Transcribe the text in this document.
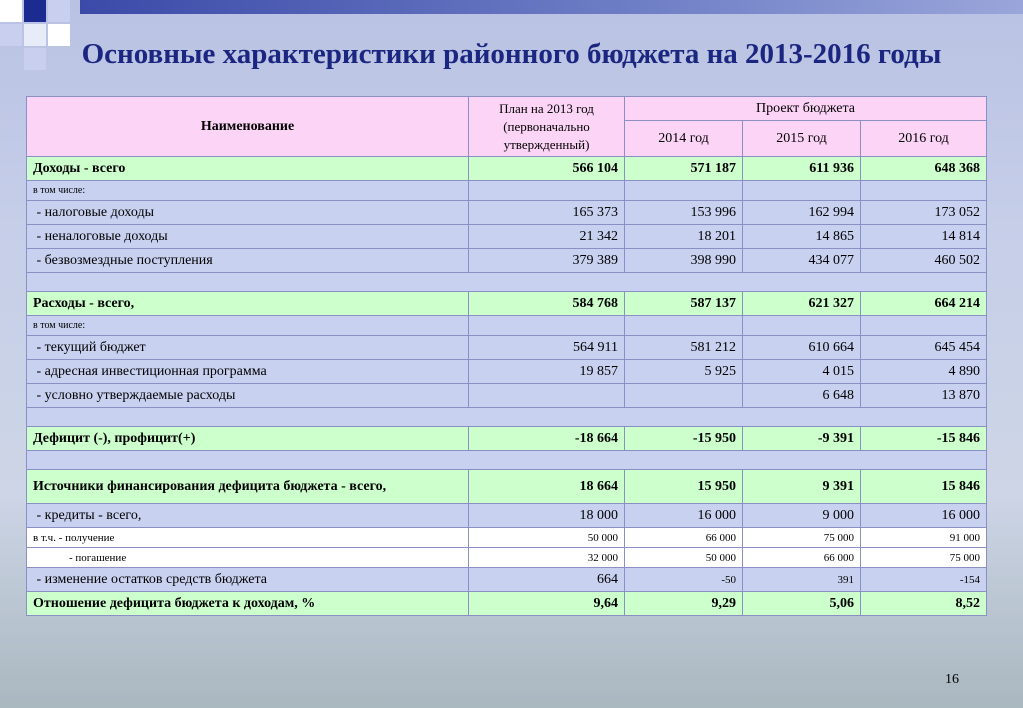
Основные характеристики районного бюджета на 2013-2016 годы
Наименование	План на 2013 год (первоначально утвержденный)	Проект бюджета		
		2014 год	2015 год	2016 год
Доходы - всего	566 104	571 187	611 936	648 368
в том числе:				
- налоговые доходы	165 373	153 996	162 994	173 052
- неналоговые доходы	21 342	18 201	14 865	14 814
- безвозмездные поступления	379 389	398 990	434 077	460 502

Расходы - всего,	584 768	587 137	621 327	664 214
в том числе:				
- текущий бюджет	564 911	581 212	610 664	645 454
- адресная инвестиционная программа	19 857	5 925	4 015	4 890
- условно утверждаемые расходы			6 648	13 870

Дефицит (-), профицит(+)	-18 664	-15 950	-9 391	-15 846

Источники финансирования дефицита бюджета - всего,	18 664	15 950	9 391	15 846
- кредиты - всего,	18 000	16 000	9 000	16 000
в т.ч. - получение	50 000	66 000	75 000	91 000
- погашение	32 000	50 000	66 000	75 000
- изменение остатков средств бюджета	664	-50	391	-154
Отношение дефицита бюджета к доходам, %	9,64	9,29	5,06	8,52
16
